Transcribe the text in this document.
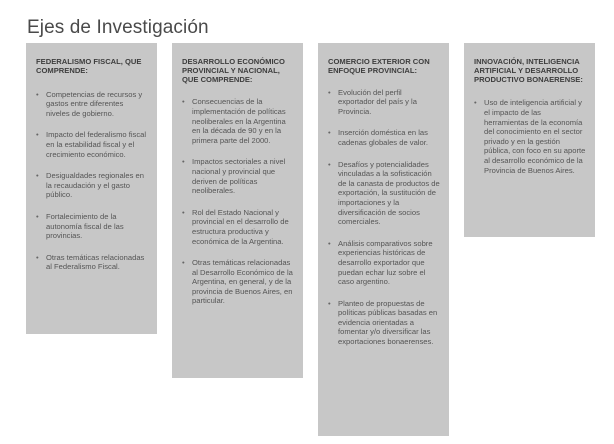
Ejes de Investigación
FEDERALISMO FISCAL, QUE COMPRENDE:
• Competencias de recursos y gastos entre diferentes niveles de gobierno.
• Impacto del federalismo fiscal en la estabilidad fiscal y el crecimiento económico.
• Desigualdades regionales en la recaudación y el gasto público.
• Fortalecimiento de la autonomía fiscal de las provincias.
• Otras temáticas relacionadas al Federalismo Fiscal.
DESARROLLO ECONÓMICO PROVINCIAL Y NACIONAL, QUE COMPRENDE:
• Consecuencias de la implementación de políticas neoliberales en la Argentina en la década de 90 y en la primera parte del 2000.
• Impactos sectoriales a nivel nacional y provincial que deriven de políticas neoliberales.
• Rol del Estado Nacional y provincial en el desarrollo de estructura productiva y económica de la Argentina.
• Otras temáticas relacionadas al Desarrollo Económico de la Argentina, en general, y de la provincia de Buenos Aires, en particular.
COMERCIO EXTERIOR CON ENFOQUE PROVINCIAL:
• Evolución del perfil exportador del país y la Provincia.
• Inserción doméstica en las cadenas globales de valor.
• Desafíos y potencialidades vinculadas a la sofisticación de la canasta de productos de exportación, la sustitución de importaciones y la diversificación de socios comerciales.
• Análisis comparativos sobre experiencias históricas de desarrollo exportador que puedan echar luz sobre el caso argentino.
• Planteo de propuestas de políticas públicas basadas en evidencia orientadas a fomentar y/o diversificar las exportaciones bonaerenses.
INNOVACIÓN, INTELIGENCIA ARTIFICIAL Y DESARROLLO PRODUCTIVO BONAERENSE:
• Uso de inteligencia artificial y el impacto de las herramientas de la economía del conocimiento en el sector privado y en la gestión pública, con foco en su aporte al desarrollo económico de la Provincia de Buenos Aires.
